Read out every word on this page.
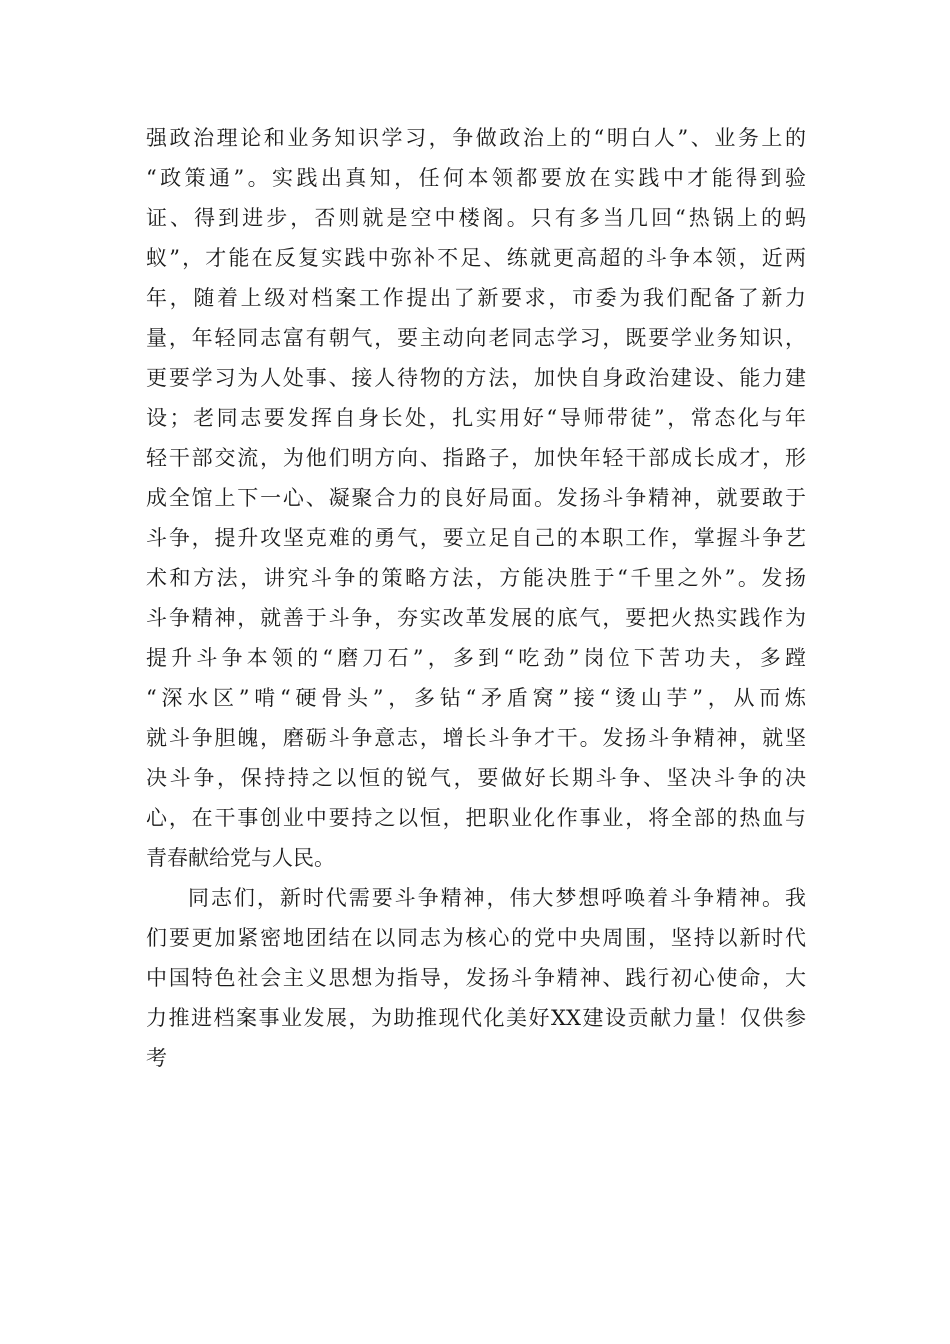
强政治理论和业务知识学习，争做政治上的“明白人”、业务上的
“政策通”。实践出真知，任何本领都要放在实践中才能得到验
证、得到进步，否则就是空中楼阁。只有多当几回“热锅上的蚂
蚁”，才能在反复实践中弥补不足、练就更高超的斗争本领，近两
年，随着上级对档案工作提出了新要求，市委为我们配备了新力
量，年轻同志富有朝气，要主动向老同志学习，既要学业务知识，
更要学习为人处事、接人待物的方法，加快自身政治建设、能力建
设；老同志要发挥自身长处，扎实用好“导师带徒”，常态化与年
轻干部交流，为他们明方向、指路子，加快年轻干部成长成才，形
成全馆上下一心、凝聚合力的良好局面。发扬斗争精神，就要敢于
斗争，提升攻坚克难的勇气，要立足自己的本职工作，掌握斗争艺
术和方法，讲究斗争的策略方法，方能决胜于“千里之外”。发扬
斗争精神，就善于斗争，夯实改革发展的底气，要把火热实践作为
提升斗争本领的“磨刀石”，多到“吃劲”岗位下苦功夫，多蹚
“深水区”啃“硬骨头”，多钻“矛盾窝”接“烫山芋”，从而炼
就斗争胆魄，磨砺斗争意志，增长斗争才干。发扬斗争精神，就坚
决斗争，保持持之以恒的锐气，要做好长期斗争、坚决斗争的决
心，在干事创业中要持之以恒，把职业化作事业，将全部的热血与
青春献给党与人民。
同志们，新时代需要斗争精神，伟大梦想呼唤着斗争精神。我
们要更加紧密地团结在以同志为核心的党中央周围，坚持以新时代
中国特色社会主义思想为指导，发扬斗争精神、践行初心使命，大
力推进档案事业发展，为助推现代化美好XX建设贡献力量！仅供参
考
